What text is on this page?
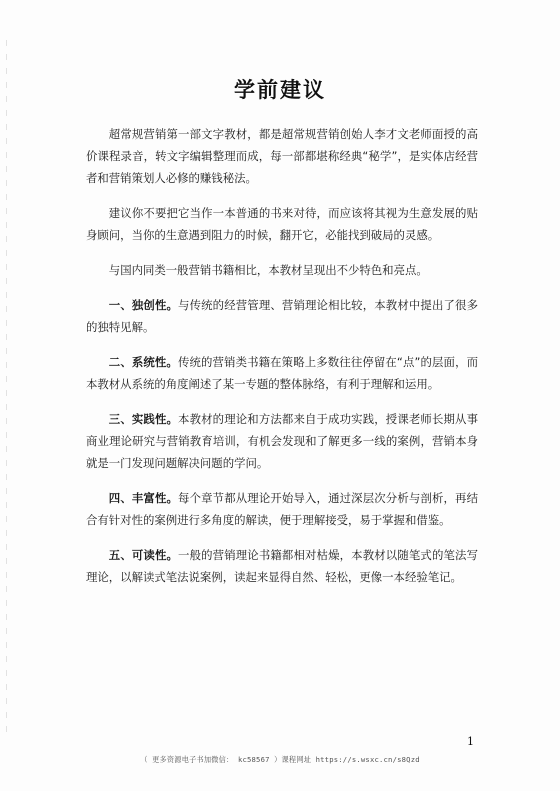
学前建议

超常规营销第一部文字教材，都是超常规营销创始人李才文老师面授的高价课程录音，转文字编辑整理而成，每一部都堪称经典“秘学”，是实体店经营者和营销策划人必修的赚钱秘法。

建议你不要把它当作一本普通的书来对待，而应该将其视为生意发展的贴身顾问，当你的生意遇到阻力的时候，翻开它，必能找到破局的灵感。

与国内同类一般营销书籍相比，本教材呈现出不少特色和亮点。

一、独创性。与传统的经营管理、营销理论相比较，本教材中提出了很多的独特见解。

二、系统性。传统的营销类书籍在策略上多数往往停留在“点”的层面，而本教材从系统的角度阐述了某一专题的整体脉络，有利于理解和运用。

三、实践性。本教材的理论和方法都来自于成功实践，授课老师长期从事商业理论研究与营销教育培训，有机会发现和了解更多一线的案例，营销本身就是一门发现问题解决问题的学问。

四、丰富性。每个章节都从理论开始导入，通过深层次分析与剖析，再结合有针对性的案例进行多角度的解读，便于理解接受，易于掌握和借鉴。

五、可读性。一般的营销理论书籍都相对枯燥，本教材以随笔式的笔法写理论，以解读式笔法说案例，读起来显得自然、轻松，更像一本经验笔记。

1
（ 更多资源电子书加微信： kc58567 ）课程网址 https://s.wsxc.cn/s8Qzd
